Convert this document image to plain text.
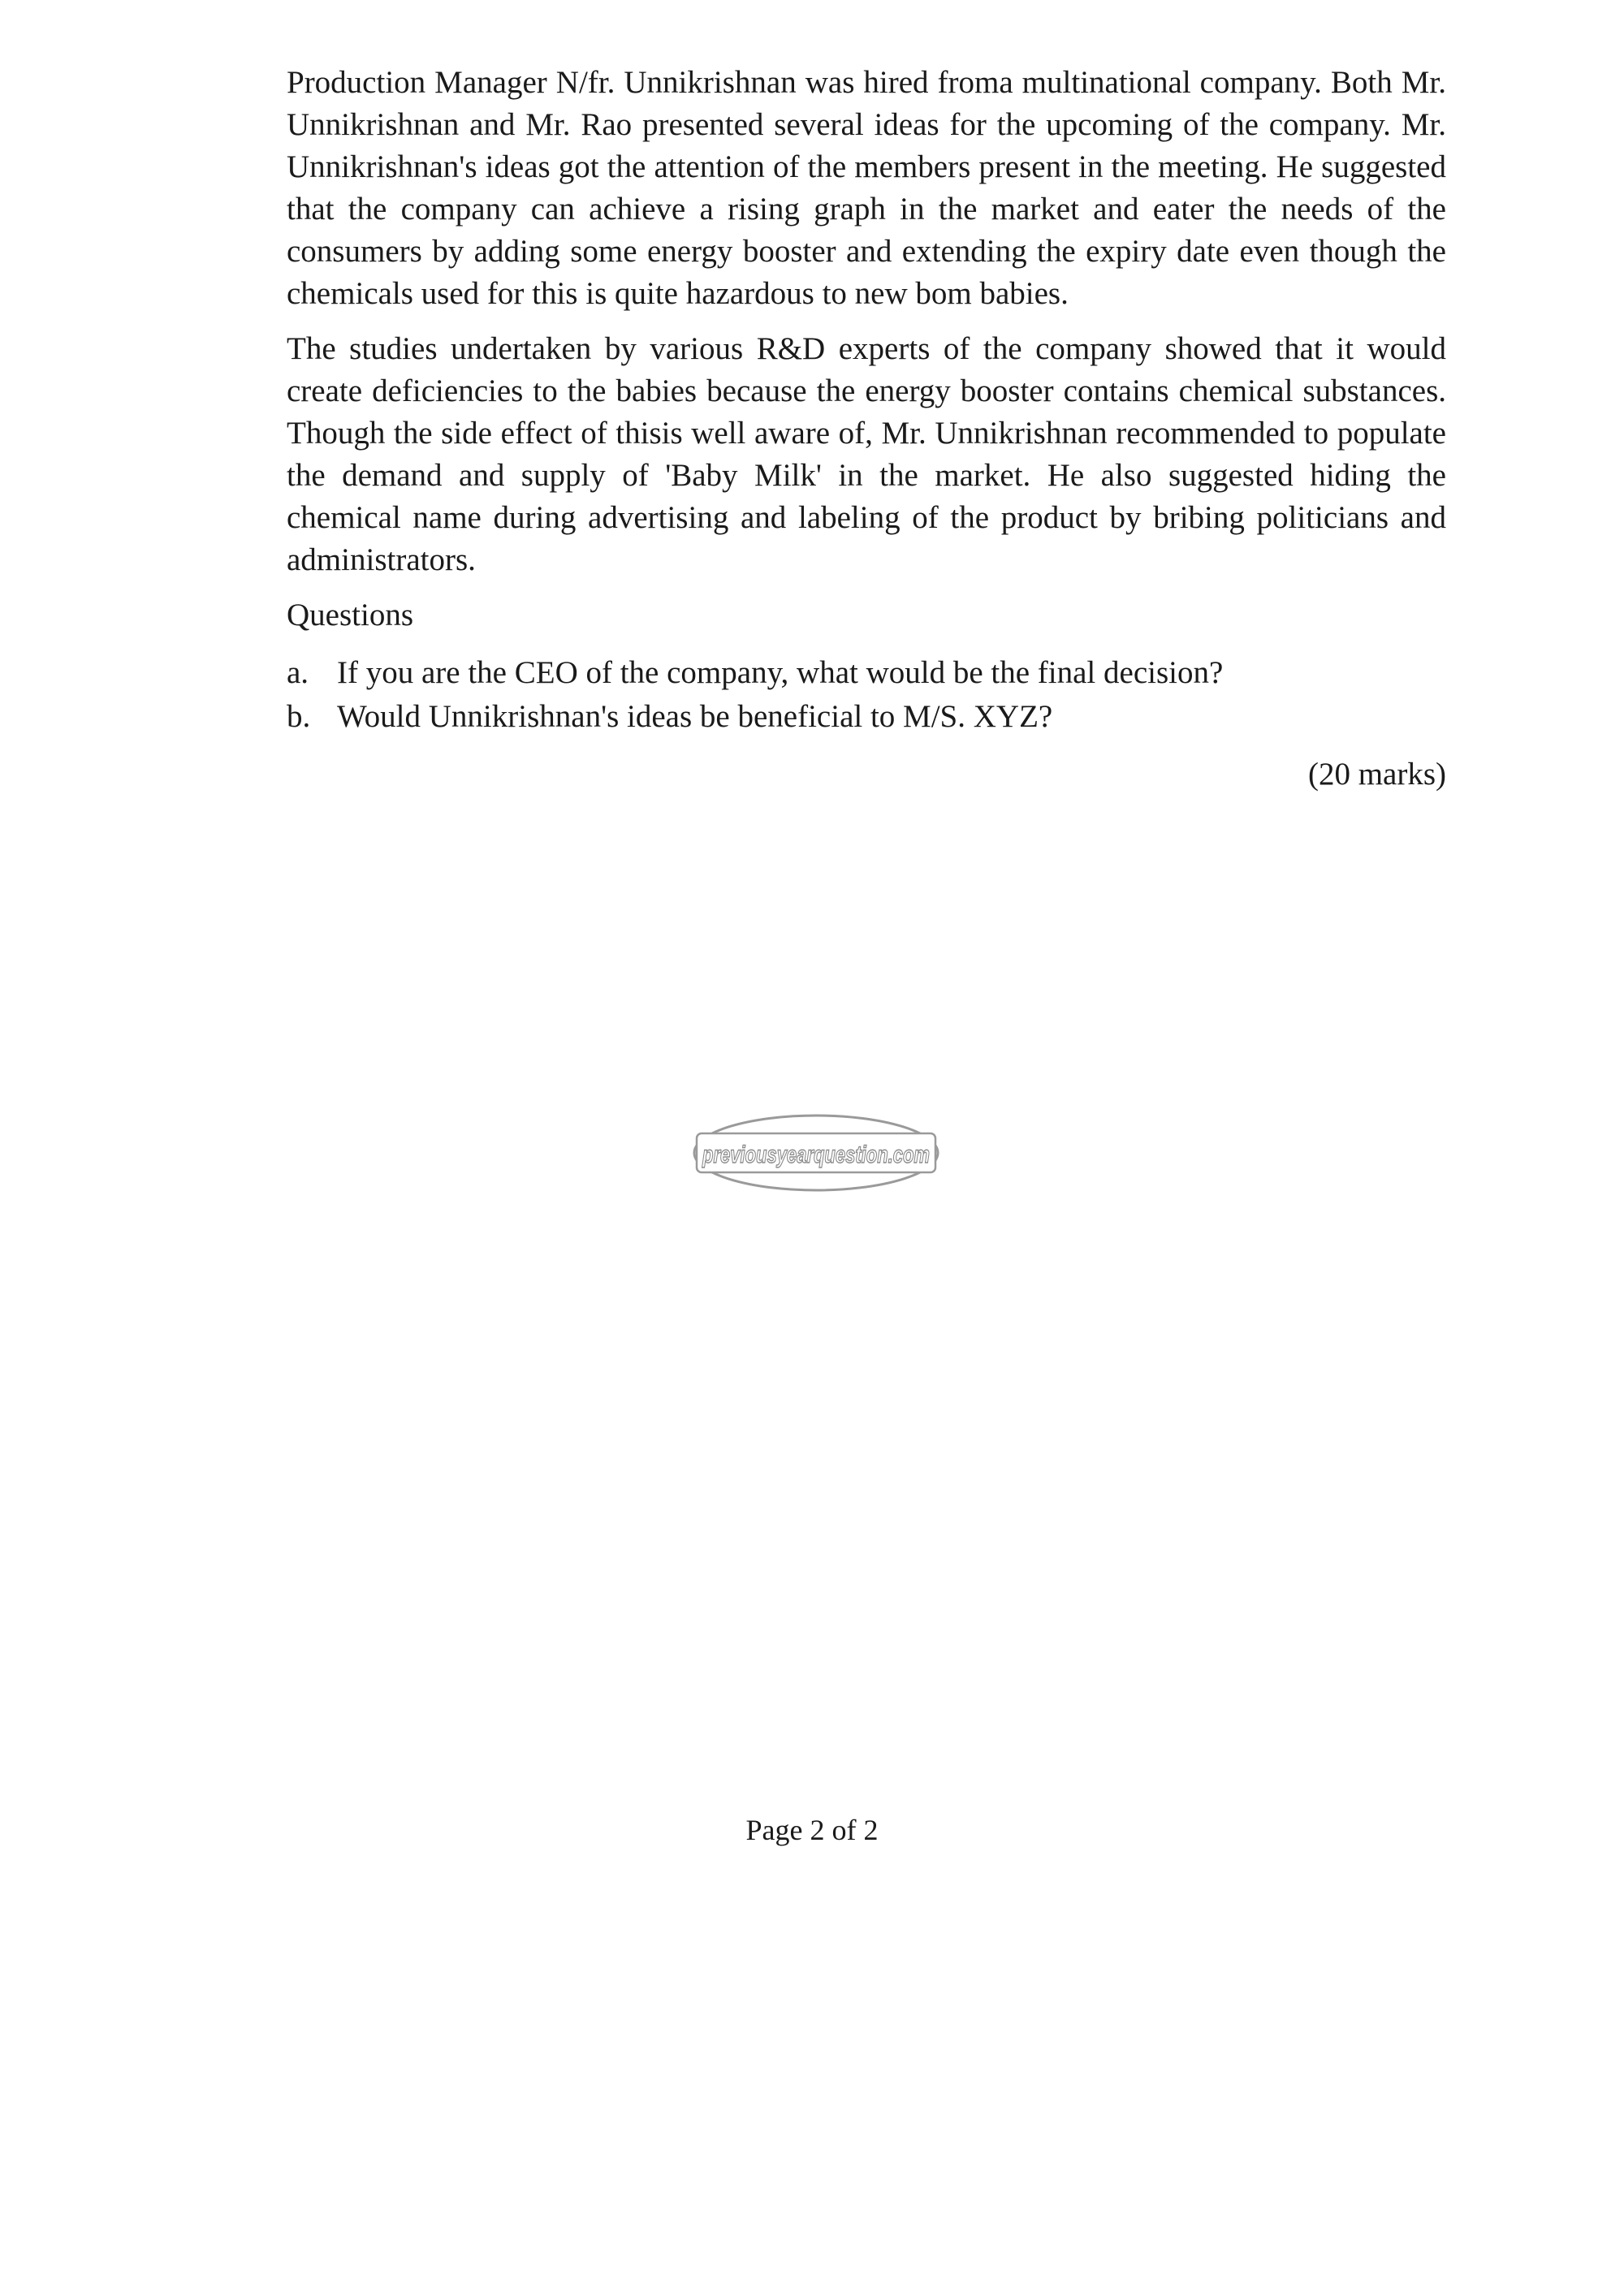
Production Manager N/fr. Unnikrishnan was hired froma multinational company. Both Mr. Unnikrishnan and Mr. Rao presented several ideas for the upcoming of the company. Mr. Unnikrishnan's ideas got the attention of the members present in the meeting. He suggested that the company can achieve a rising graph in the market and eater the needs of the consumers by adding some energy booster and extending the expiry date even though the chemicals used for this is quite hazardous to new bom babies.

The studies undertaken by various R&D experts of the company showed that it would create deficiencies to the babies because the energy booster contains chemical substances. Though the side effect of thisis well aware of, Mr. Unnikrishnan recommended to populate the demand and supply of 'Baby Milk' in the market. He also suggested hiding the chemical name during advertising and labeling of the product by bribing politicians and administrators.

Questions

a. If you are the CEO of the company, what would be the final decision?
b. Would Unnikrishnan's ideas be beneficial to M/S. XYZ?
(20 marks)
previousyearquestion.com
Page 2 of 2
